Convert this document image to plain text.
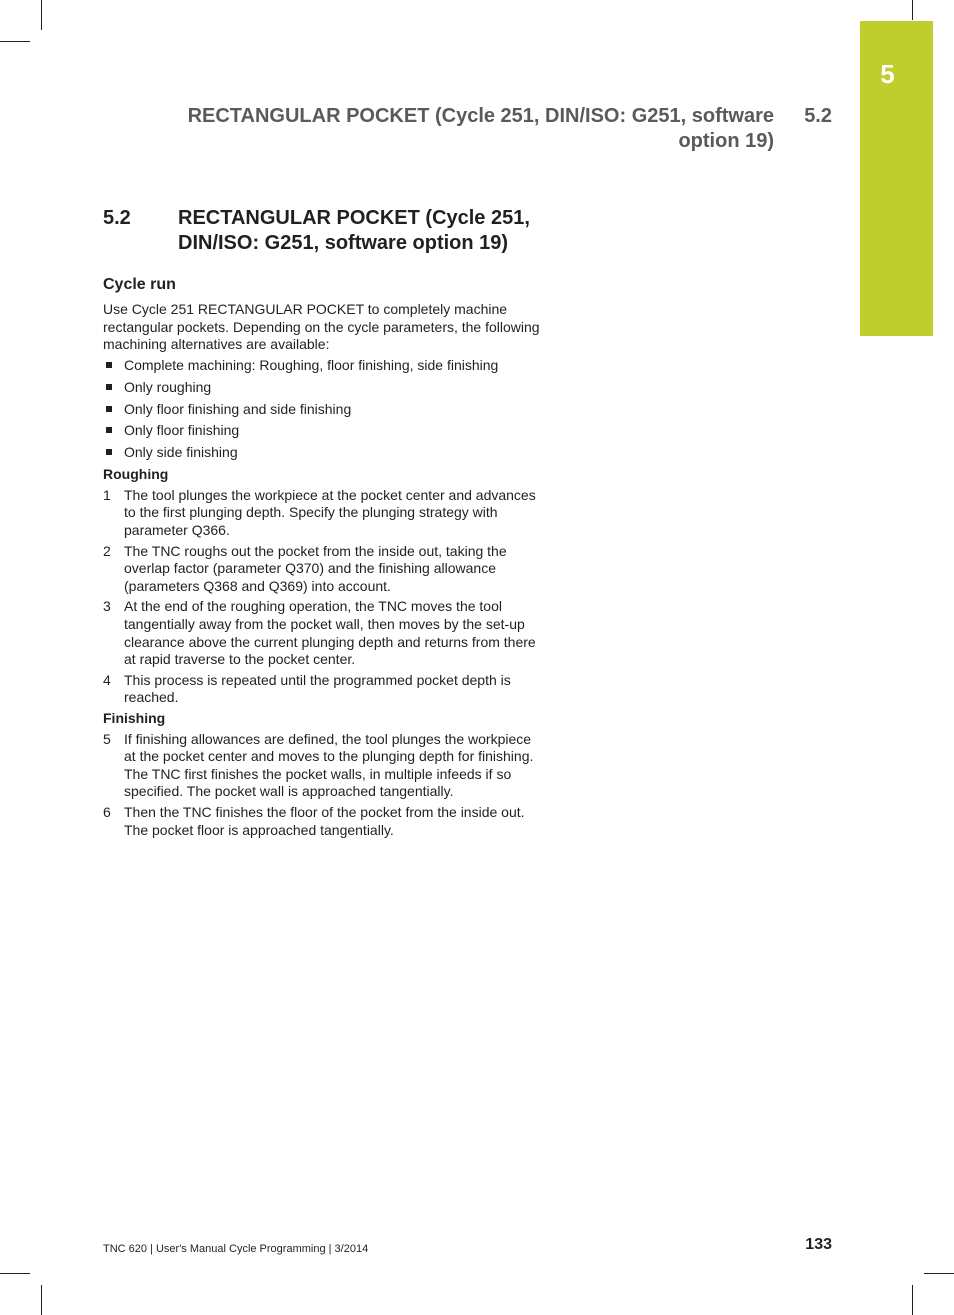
5
RECTANGULAR POCKET (Cycle 251, DIN/ISO: G251, software option 19)
5.2
5.2 RECTANGULAR POCKET (Cycle 251, DIN/ISO: G251, software option 19)
Cycle run

Use Cycle 251 RECTANGULAR POCKET to completely machine rectangular pockets. Depending on the cycle parameters, the following machining alternatives are available:

Complete machining: Roughing, floor finishing, side finishing
Only roughing
Only floor finishing and side finishing
Only floor finishing
Only side finishing
Roughing
1 The tool plunges the workpiece at the pocket center and advances to the first plunging depth. Specify the plunging strategy with parameter Q366.
2 The TNC roughs out the pocket from the inside out, taking the overlap factor (parameter Q370) and the finishing allowance (parameters Q368 and Q369) into account.
3 At the end of the roughing operation, the TNC moves the tool tangentially away from the pocket wall, then moves by the set-up clearance above the current plunging depth and returns from there at rapid traverse to the pocket center.
4 This process is repeated until the programmed pocket depth is reached.
Finishing
5 If finishing allowances are defined, the tool plunges the workpiece at the pocket center and moves to the plunging depth for finishing. The TNC first finishes the pocket walls, in multiple infeeds if so specified. The pocket wall is approached tangentially.
6 Then the TNC finishes the floor of the pocket from the inside out. The pocket floor is approached tangentially.
TNC 620 | User's Manual Cycle Programming | 3/2014	133
